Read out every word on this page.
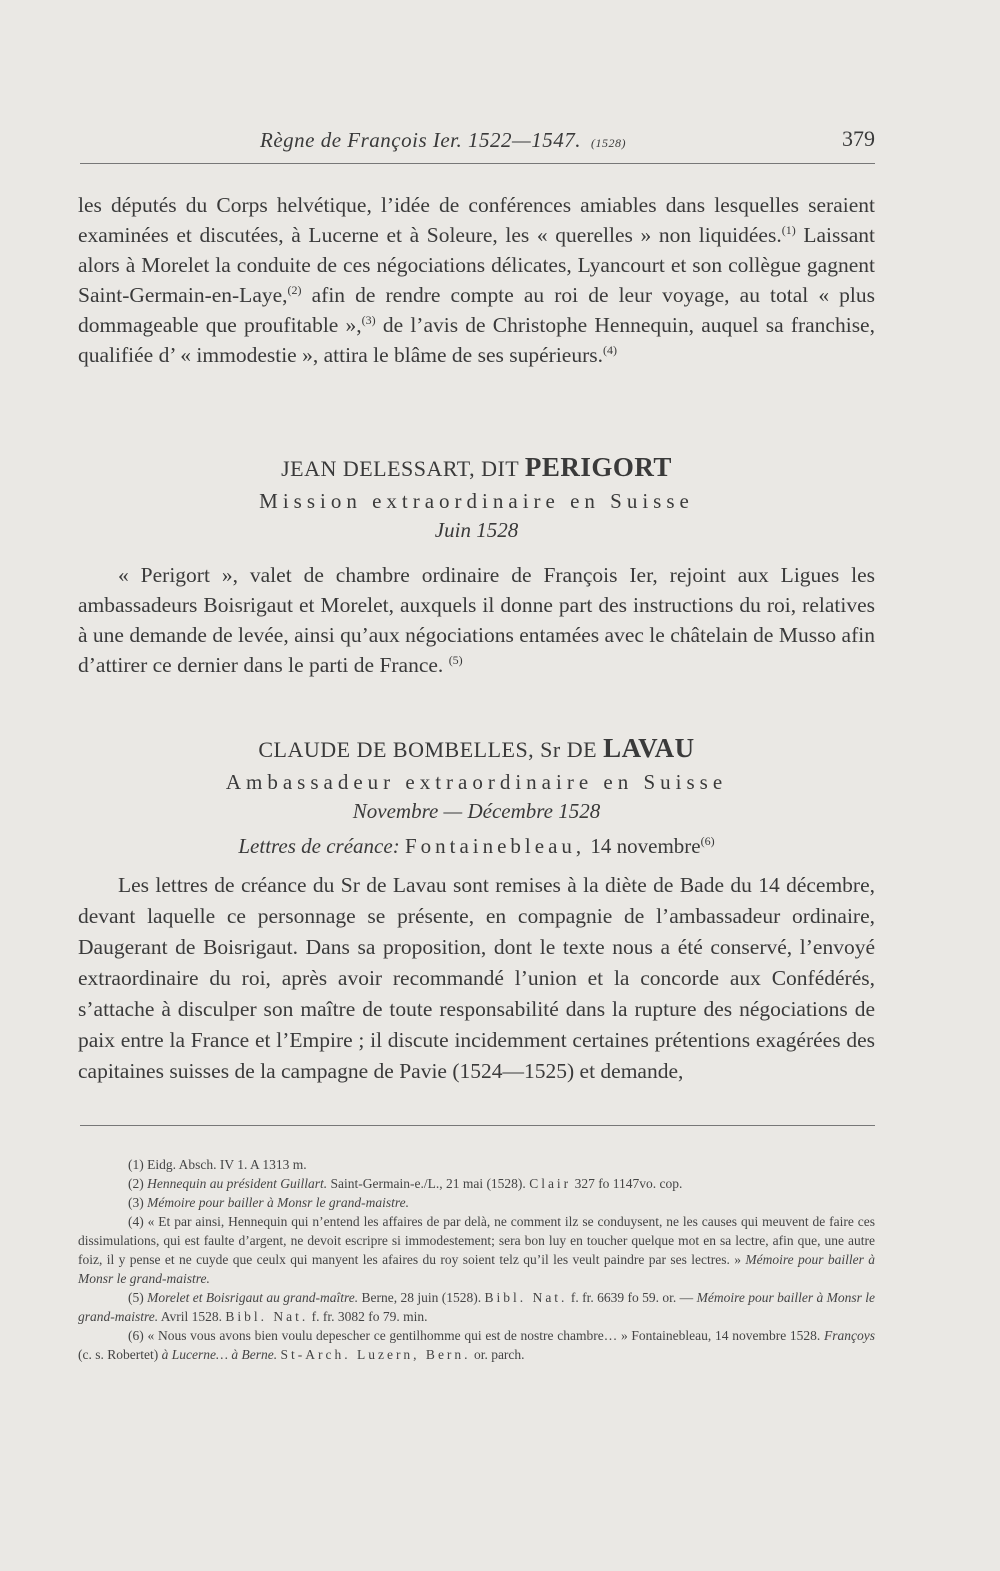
Règne de François Ier. 1522—1547. (1528)	379

les députés du Corps helvétique, l’idée de conférences amiables dans lesquelles seraient examinées et discutées, à Lucerne et à Soleure, les « querelles » non liquidées.$^{(1)}$ Laissant alors à Morelet la conduite de ces négociations délicates, Lyancourt et son collègue gagnent Saint-Germain-en-Laye,$^{(2)}$ afin de rendre compte au roi de leur voyage, au total « plus dommageable que proufitable »,$^{(3)}$ de l’avis de Christophe Hennequin, auquel sa franchise, qualifiée d’ « immodestie », attira le blâme de ses supérieurs.$^{(4)}$

JEAN DELESSART, DIT PERIGORT
Mission extraordinaire en Suisse
Juin 1528

« Perigort », valet de chambre ordinaire de François Ier, rejoint aux Ligues les ambassadeurs Boisrigaut et Morelet, auxquels il donne part des instructions du roi, relatives à une demande de levée, ainsi qu’aux négociations entamées avec le châtelain de Musso afin d’attirer ce dernier dans le parti de France. $^{(5)}$

CLAUDE DE BOMBELLES, Sr DE LAVAU
Ambassadeur extraordinaire en Suisse
Novembre — Décembre 1528
Lettres de créance: Fontainebleau, 14 novembre$^{(6)}$

Les lettres de créance du Sr de Lavau sont remises à la diète de Bade du 14 décembre, devant laquelle ce personnage se présente, en compagnie de l’ambassadeur ordinaire, Daugerant de Boisrigaut. Dans sa proposition, dont le texte nous a été conservé, l’envoyé extraordinaire du roi, après avoir recommandé l’union et la concorde aux Confédérés, s’attache à disculper son maître de toute responsabilité dans la rupture des négociations de paix entre la France et l’Empire ; il discute incidemment certaines prétentions exagérées des capitaines suisses de la campagne de Pavie (1524—1525) et demande,

(1) Eidg. Absch. IV 1. A 1313 m.

(2) Hennequin au président Guillart. Saint-Germain-e./L., 21 mai (1528). Clair 327 fo 1147vo. cop.

(3) Mémoire pour bailler à Monsr le grand-maistre.

(4) « Et par ainsi, Hennequin qui n’entend les affaires de par delà, ne comment ilz se conduysent, ne les causes qui meuvent de faire ces dissimulations, qui est faulte d’argent, ne devoit escripre si immodestement; sera bon luy en toucher quelque mot en sa lectre, afin que, une autre foiz, il y pense et ne cuyde que ceulx qui manyent les afaires du roy soient telz qu’il les veult paindre par ses lectres. » Mémoire pour bailler à Monsr le grand-maistre.

(5) Morelet et Boisrigaut au grand-maître. Berne, 28 juin (1528). Bibl. Nat. f. fr. 6639 fo 59. or. — Mémoire pour bailler à Monsr le grand-maistre. Avril 1528. Bibl. Nat. f. fr. 3082 fo 79. min.

(6) « Nous vous avons bien voulu depescher ce gentilhomme qui est de nostre chambre… » Fontainebleau, 14 novembre 1528. Françoys (c. s. Robertet) à Lucerne… à Berne. St-Arch. Luzern, Bern. or. parch.
